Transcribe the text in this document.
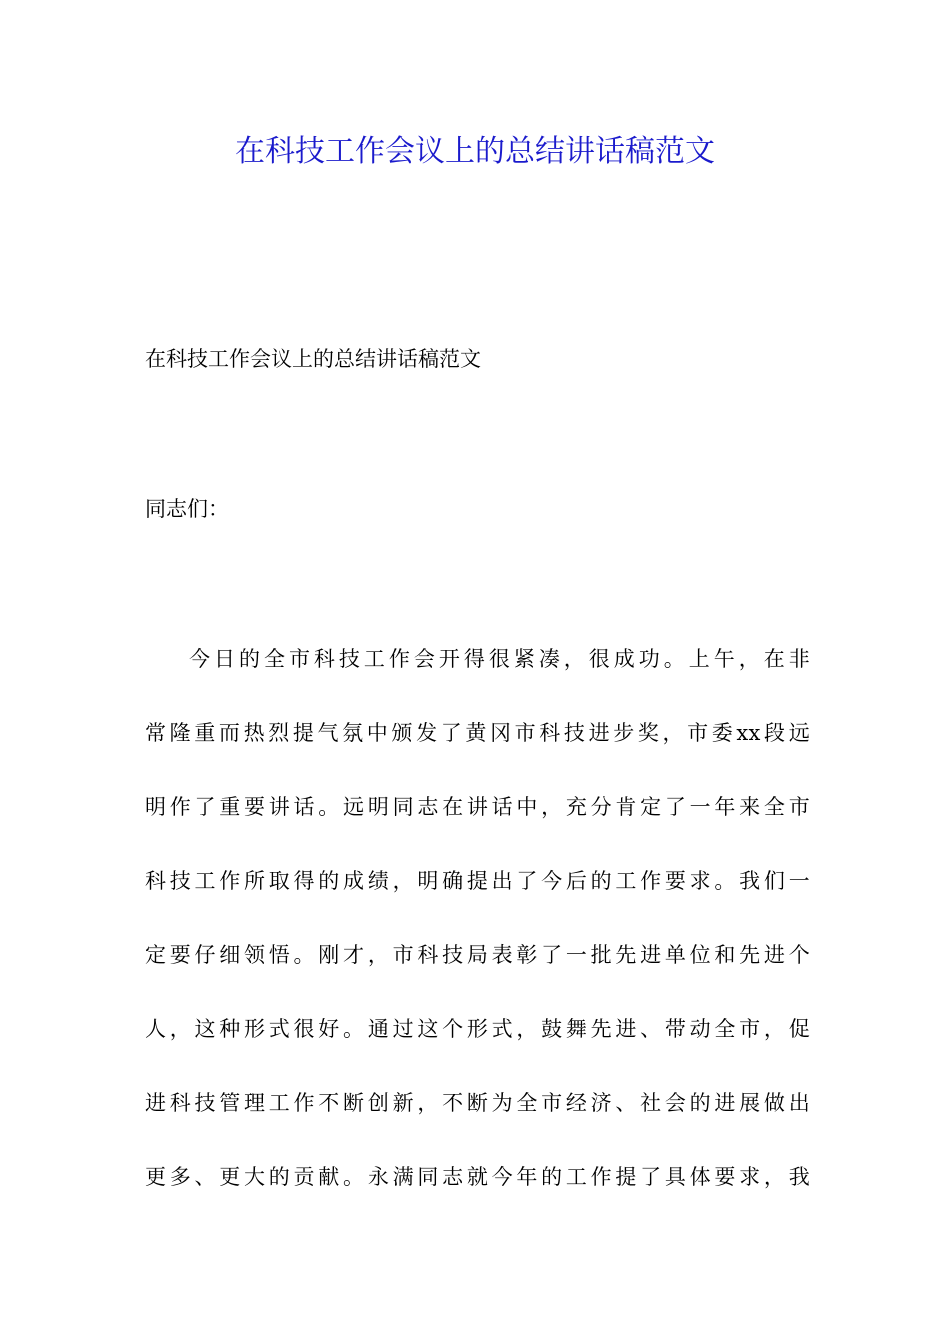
在科技工作会议上的总结讲话稿范文

在科技工作会议上的总结讲话稿范文

同志们：

今日的全市科技工作会开得很紧凑，很成功。上午，在非
常隆重而热烈提气氛中颁发了黄冈市科技进步奖，市委xx段远
明作了重要讲话。远明同志在讲话中，充分肯定了一年来全市
科技工作所取得的成绩，明确提出了今后的工作要求。我们一
定要仔细领悟。刚才，市科技局表彰了一批先进单位和先进个
人，这种形式很好。通过这个形式，鼓舞先进、带动全市，促
进科技管理工作不断创新，不断为全市经济、社会的进展做出
更多、更大的贡献。永满同志就今年的工作提了具体要求，我
